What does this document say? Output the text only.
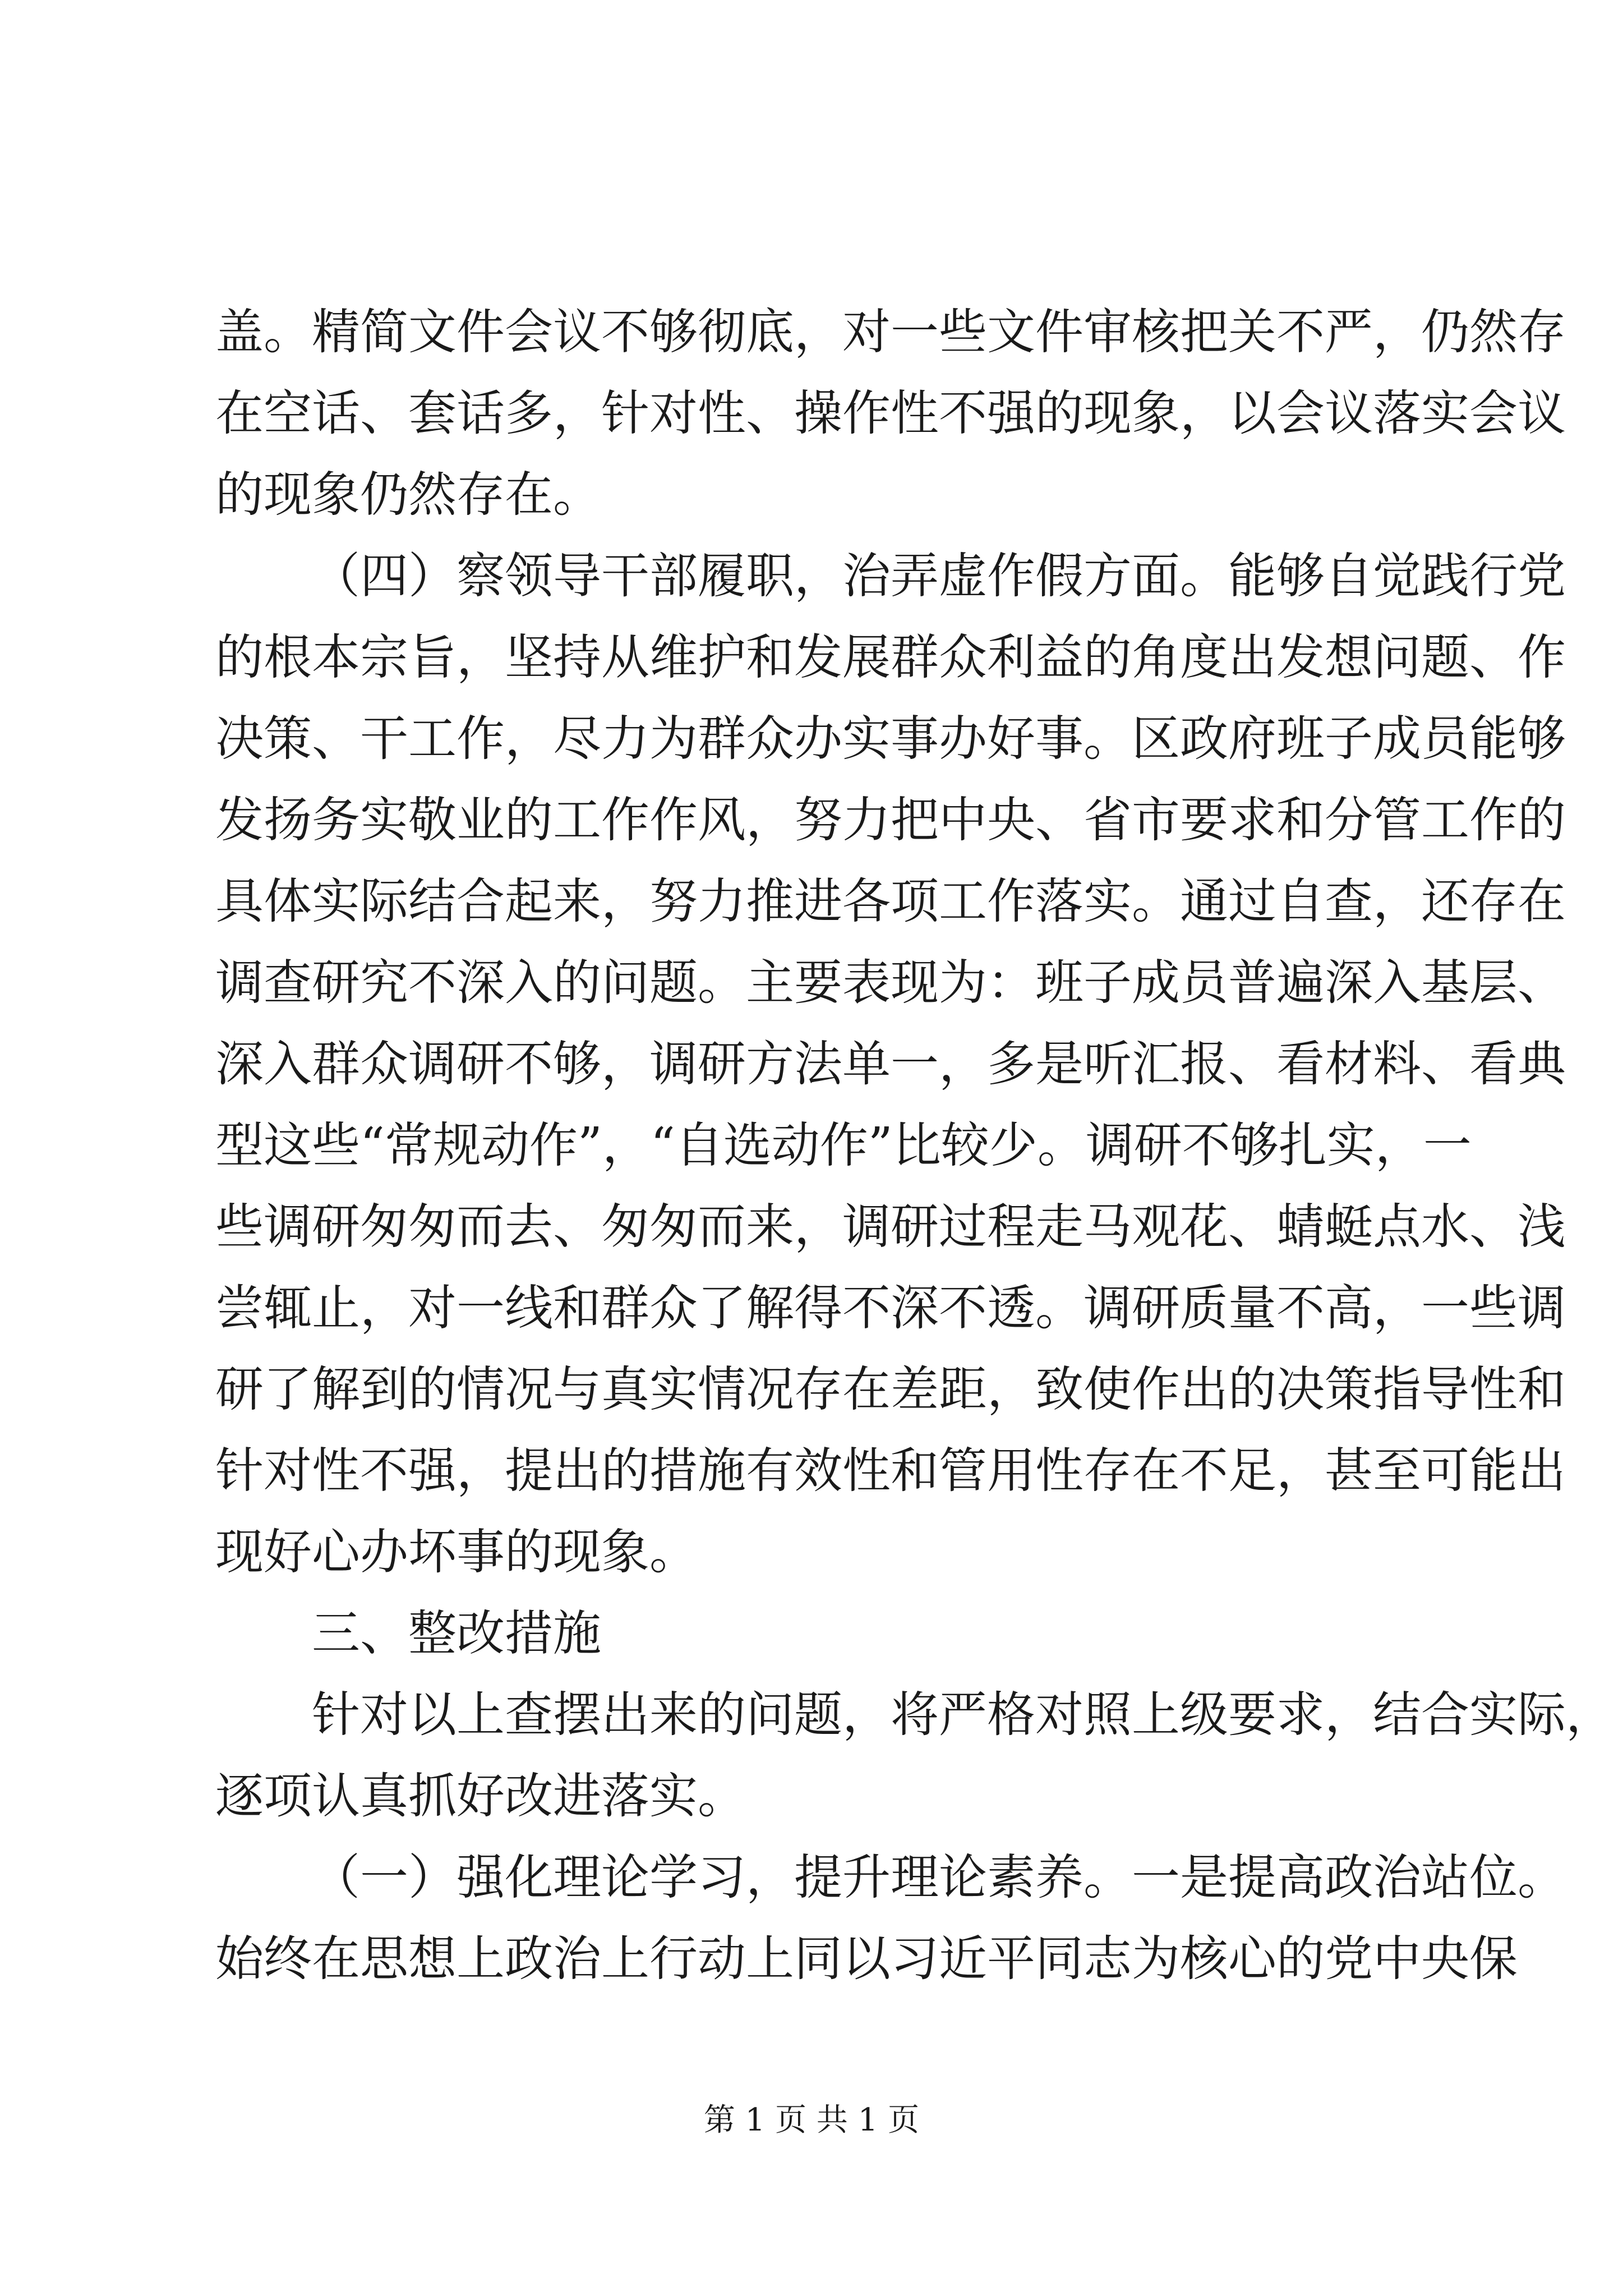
盖。精简文件会议不够彻底，对一些文件审核把关不严，仍然存
在空话、套话多，针对性、操作性不强的现象，以会议落实会议
的现象仍然存在。
（四）察领导干部履职，治弄虚作假方面。能够自觉践行党
的根本宗旨，坚持从维护和发展群众利益的角度出发想问题、作
决策、干工作，尽力为群众办实事办好事。区政府班子成员能够
发扬务实敬业的工作作风，努力把中央、省市要求和分管工作的
具体实际结合起来，努力推进各项工作落实。通过自查，还存在
调查研究不深入的问题。主要表现为：班子成员普遍深入基层、
深入群众调研不够，调研方法单一，多是听汇报、看材料、看典
型这些“常规动作”，“自选动作”比较少。调研不够扎实，一
些调研匆匆而去、匆匆而来，调研过程走马观花、蜻蜓点水、浅
尝辄止，对一线和群众了解得不深不透。调研质量不高，一些调
研了解到的情况与真实情况存在差距，致使作出的决策指导性和
针对性不强，提出的措施有效性和管用性存在不足，甚至可能出
现好心办坏事的现象。
三、整改措施
针对以上查摆出来的问题，将严格对照上级要求，结合实际，
逐项认真抓好改进落实。
（一）强化理论学习，提升理论素养。一是提高政治站位。
始终在思想上政治上行动上同以习近平同志为核心的党中央保
第 1 页 共 1 页
